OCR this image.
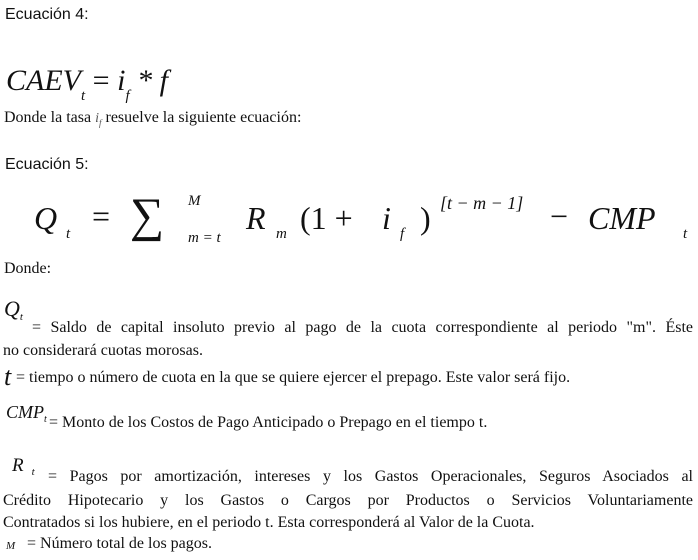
Ecuación 4:
$CAEV_t = i_f * f$
Donde la tasa $i_f$ resuelve la siguiente ecuación:
Ecuación 5:
Q t = ∑ M
m = t
R m (1 + i f ) [t − m − 1] − CMP t
Donde:
$Q_t$
= Saldo de capital insoluto previo al pago de la cuota correspondiente al periodo "m". Éste
no considerará cuotas morosas.
t = tiempo o número de cuota en la que se quiere ejercer el prepago. Este valor será fijo.
$CMP_t$ = Monto de los Costos de Pago Anticipado o Prepago en el tiempo t.
R $_t$ = Pagos por amortización, intereses y los Gastos Operacionales, Seguros Asociados al
Crédito Hipotecario y los Gastos o Cargos por Productos o Servicios Voluntariamente
Contratados si los hubiere, en el periodo t. Esta corresponderá al Valor de la Cuota.
M = Número total de los pagos.
